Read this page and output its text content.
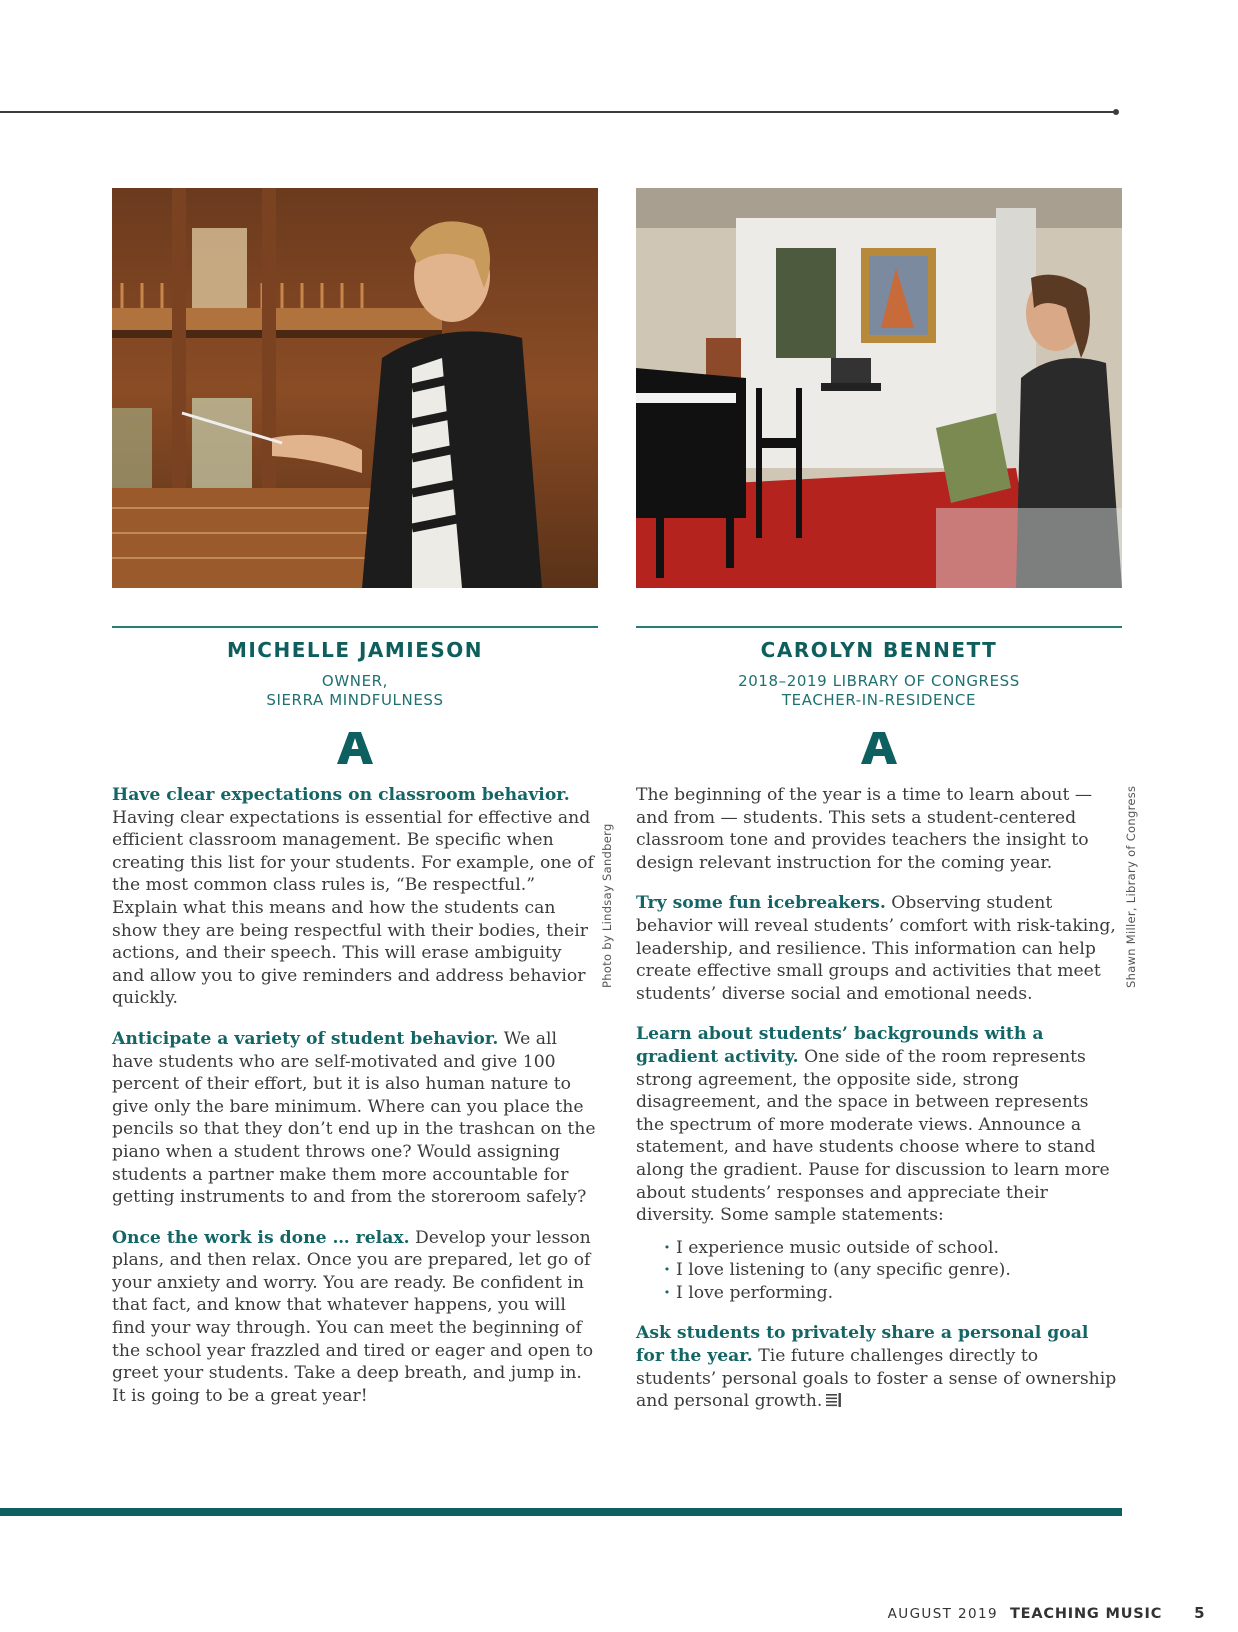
MICHELLE JAMIESON
OWNER,
SIERRA MINDFULNESS

Have clear expectations on classroom behavior. Having clear expectations is essential for effective and efficient classroom management. Be specific when creating this list for your students. For example, one of the most common class rules is, “Be respectful.” Explain what this means and how the students can show they are being respectful with their bodies, their actions, and their speech. This will erase ambiguity and allow you to give reminders and address behavior quickly.

Anticipate a variety of student behavior. We all have students who are self-motivated and give 100 percent of their effort, but it is also human nature to give only the bare minimum. Where can you place the pencils so that they don’t end up in the trashcan on the piano when a student throws one? Would assigning students a partner make them more accountable for getting instruments to and from the storeroom safely?

Once the work is done … relax. Develop your lesson plans, and then relax. Once you are prepared, let go of your anxiety and worry. You are ready. Be confident in that fact, and know that whatever happens, you will find your way through. You can meet the beginning of the school year frazzled and tired or eager and open to greet your students. Take a deep breath, and jump in. It is going to be a great year!

Photo by Lindsay Sandberg
CAROLYN BENNETT
2018–2019 LIBRARY OF CONGRESS
TEACHER-IN-RESIDENCE

The beginning of the year is a time to learn about — and from — students. This sets a student-centered classroom tone and provides teachers the insight to design relevant instruction for the coming year.

Try some fun icebreakers. Observing student behavior will reveal students’ comfort with risk-taking, leadership, and resilience. This information can help create effective small groups and activities that meet students’ diverse social and emotional needs.

Learn about students’ backgrounds with a gradient activity. One side of the room represents strong agreement, the opposite side, strong disagreement, and the space in between represents the spectrum of more moderate views. Announce a statement, and have students choose where to stand along the gradient. Pause for discussion to learn more about students’ responses and appreciate their diversity. Some sample statements:

· I experience music outside of school.
· I love listening to (any specific genre).
· I love performing.

Ask students to privately share a personal goal for the year. Tie future challenges directly to students’ personal goals to foster a sense of ownership and personal growth.

Shawn Miller, Library of Congress
AUGUST 2019 TEACHING MUSIC 5
